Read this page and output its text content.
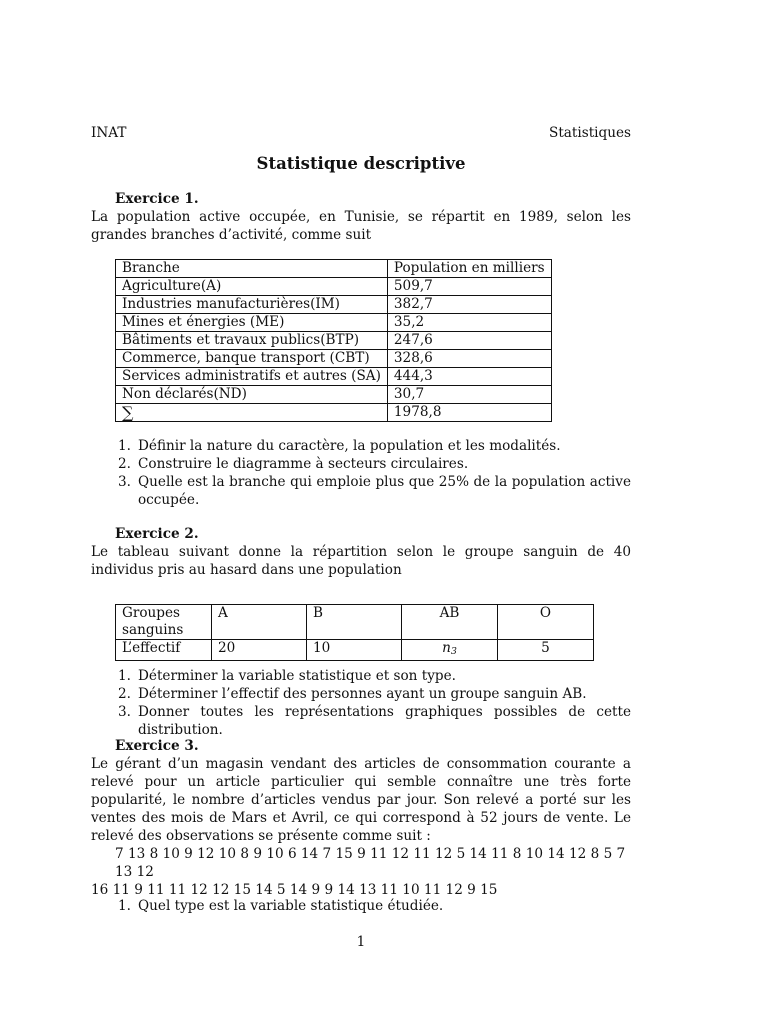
INAT	Statistiques
Statistique descriptive
Exercice 1.

La population active occupée, en Tunisie, se répartit en 1989, selon les grandes branches d’activité, comme suit

Branche	Population en milliers
Agriculture(A)	509,7
Industries manufacturières(IM)	382,7
Mines et énergies (ME)	35,2
Bâtiments et travaux publics(BTP)	247,6
Commerce, banque transport (CBT)	328,6
Services administratifs et autres (SA)	444,3
Non déclarés(ND)	30,7
∑	1978,8
1. Définir la nature du caractère, la population et les modalités.
2. Construire le diagramme à secteurs circulaires.
3. Quelle est la branche qui emploie plus que 25% de la population active occupée.
Exercice 2.

Le tableau suivant donne la répartition selon le groupe sanguin de 40 individus pris au hasard dans une population

Groupes
sanguins	A	B	AB	O
L’effectif	20	10	$n_3$	5
1. Déterminer la variable statistique et son type.
2. Déterminer l’effectif des personnes ayant un groupe sanguin AB.
3. Donner toutes les représentations graphiques possibles de cette distribution.
Exercice 3.

Le gérant d’un magasin vendant des articles de consommation courante a relevé pour un article particulier qui semble connaître une très forte popularité, le nombre d’articles vendus par jour. Son relevé a porté sur les ventes des mois de Mars et Avril, ce qui correspond à 52 jours de vente. Le relevé des observations se présente comme suit :

7 13 8 10 9 12 10 8 9 10 6 14 7 15 9 11 12 11 12 5 14 11 8 10 14 12 8 5 7 13 12

16 11 9 11 11 12 12 15 14 5 14 9 9 14 13 11 10 11 12 9 15

1. Quel type est la variable statistique étudiée.
1
